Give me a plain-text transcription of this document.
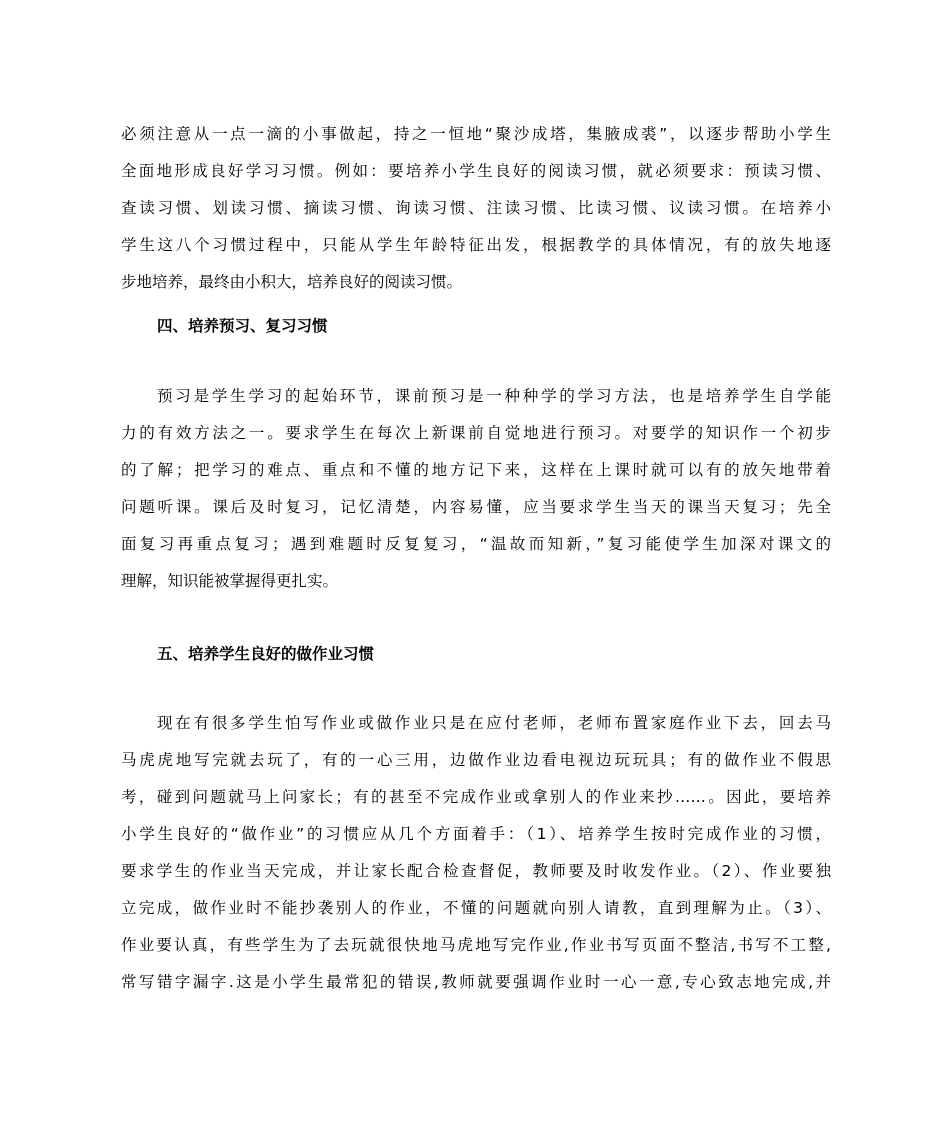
必须注意从一点一滴的小事做起，持之一恒地“聚沙成塔，集腋成裘”，以逐步帮助小学生
全面地形成良好学习习惯。例如：要培养小学生良好的阅读习惯，就必须要求：预读习惯、
查读习惯、划读习惯、摘读习惯、询读习惯、注读习惯、比读习惯、议读习惯。在培养小
学生这八个习惯过程中，只能从学生年龄特征出发，根据教学的具体情况，有的放失地逐
步地培养，最终由小积大，培养良好的阅读习惯。
四、培养预习、复习习惯
预习是学生学习的起始环节，课前预习是一种种学的学习方法，也是培养学生自学能
力的有效方法之一。要求学生在每次上新课前自觉地进行预习。对要学的知识作一个初步
的了解；把学习的难点、重点和不懂的地方记下来，这样在上课时就可以有的放矢地带着
问题听课。课后及时复习，记忆清楚，内容易懂，应当要求学生当天的课当天复习；先全
面复习再重点复习；遇到难题时反复复习，“温故而知新，”复习能使学生加深对课文的
理解，知识能被掌握得更扎实。
五、培养学生良好的做作业习惯
现在有很多学生怕写作业或做作业只是在应付老师，老师布置家庭作业下去，回去马
马虎虎地写完就去玩了，有的一心三用，边做作业边看电视边玩玩具；有的做作业不假思
考，碰到问题就马上问家长；有的甚至不完成作业或拿别人的作业来抄……。因此，要培养
小学生良好的“做作业”的习惯应从几个方面着手：（1）、培养学生按时完成作业的习惯，
要求学生的作业当天完成，并让家长配合检查督促，教师要及时收发作业。（2）、作业要独
立完成，做作业时不能抄袭别人的作业，不懂的问题就向别人请教，直到理解为止。（3）、
作业要认真，有些学生为了去玩就很快地马虎地写完作业,作业书写页面不整洁,书写不工整,
常写错字漏字.这是小学生最常犯的错误,教师就要强调作业时一心一意,专心致志地完成,并
